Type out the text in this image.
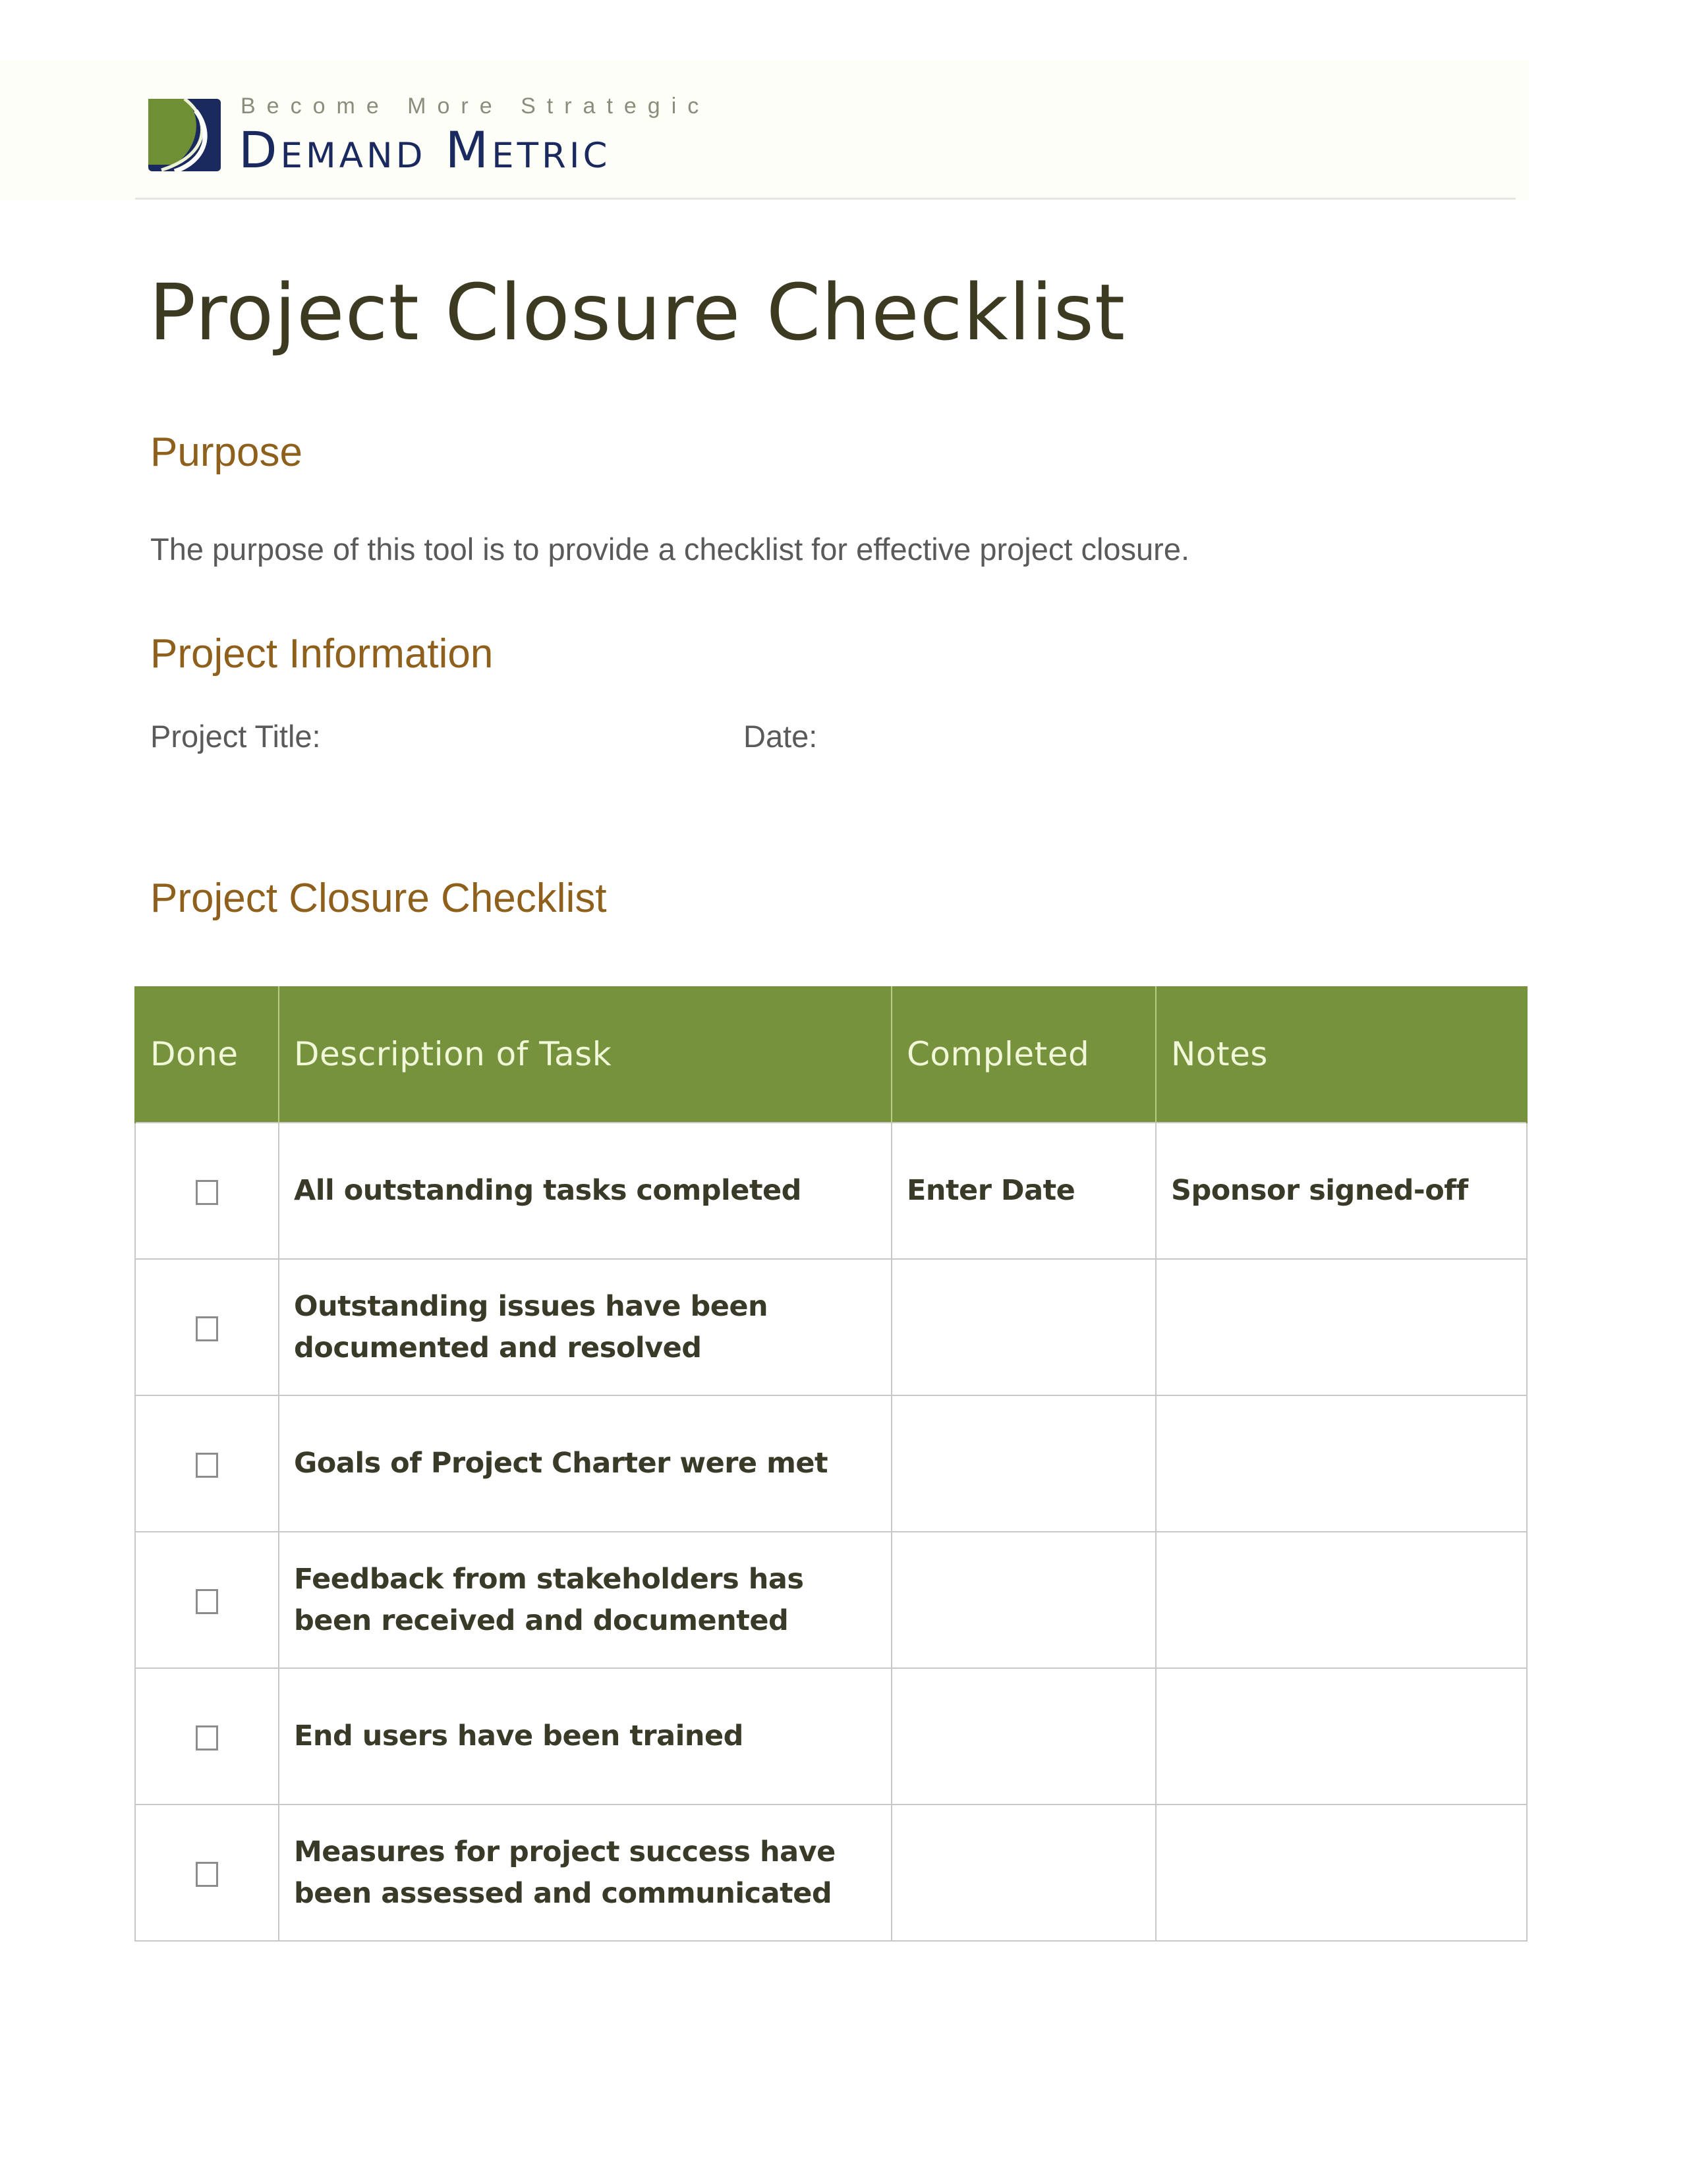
Become More Strategic
Demand Metric
Project Closure Checklist
Purpose
The purpose of this tool is to provide a checklist for effective project closure.
Project Information
Project Title:	Date:
Project Closure Checklist
Done	Description of Task	Completed	Notes
	All outstanding tasks completed	Enter Date	Sponsor signed-off
	Outstanding issues have been documented and resolved		
	Goals of Project Charter were met		
	Feedback from stakeholders has been received and documented		
	End users have been trained		
	Measures for project success have been assessed and communicated		
